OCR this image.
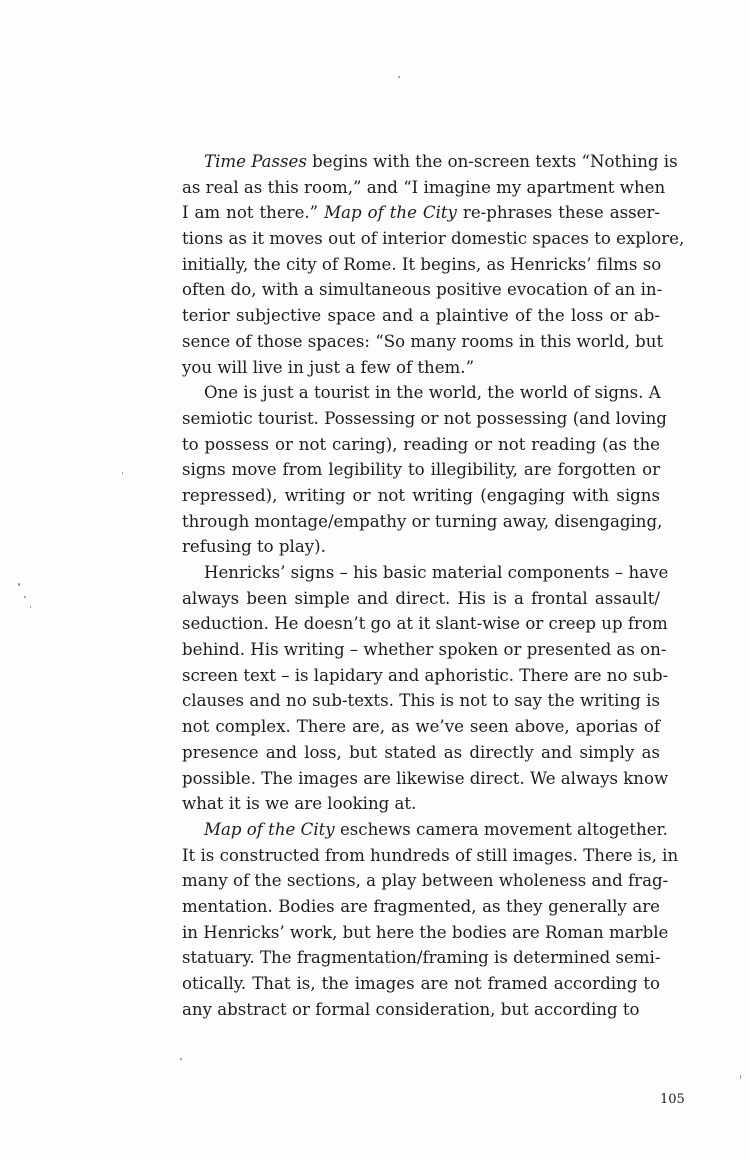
Time Passes begins with the on-screen texts “Nothing is
as real as this room,” and “I imagine my apartment when
I am not there.” Map of the City re-phrases these asser-
tions as it moves out of interior domestic spaces to explore,
initially, the city of Rome. It begins, as Henricks’ films so
often do, with a simultaneous positive evocation of an in-
terior subjective space and a plaintive of the loss or ab-
sence of those spaces: “So many rooms in this world, but
you will live in just a few of them.”
One is just a tourist in the world, the world of signs. A
semiotic tourist. Possessing or not possessing (and loving
to possess or not caring), reading or not reading (as the
signs move from legibility to illegibility, are forgotten or
repressed), writing or not writing (engaging with signs
through montage/empathy or turning away, disengaging,
refusing to play).
Henricks’ signs – his basic material components – have
always been simple and direct. His is a frontal assault/
seduction. He doesn’t go at it slant-wise or creep up from
behind. His writing – whether spoken or presented as on-
screen text – is lapidary and aphoristic. There are no sub-
clauses and no sub-texts. This is not to say the writing is
not complex. There are, as we’ve seen above, aporias of
presence and loss, but stated as directly and simply as
possible. The images are likewise direct. We always know
what it is we are looking at.
Map of the City eschews camera movement altogether.
It is constructed from hundreds of still images. There is, in
many of the sections, a play between wholeness and frag-
mentation. Bodies are fragmented, as they generally are
in Henricks’ work, but here the bodies are Roman marble
statuary. The fragmentation/framing is determined semi-
otically. That is, the images are not framed according to
any abstract or formal consideration, but according to
105
